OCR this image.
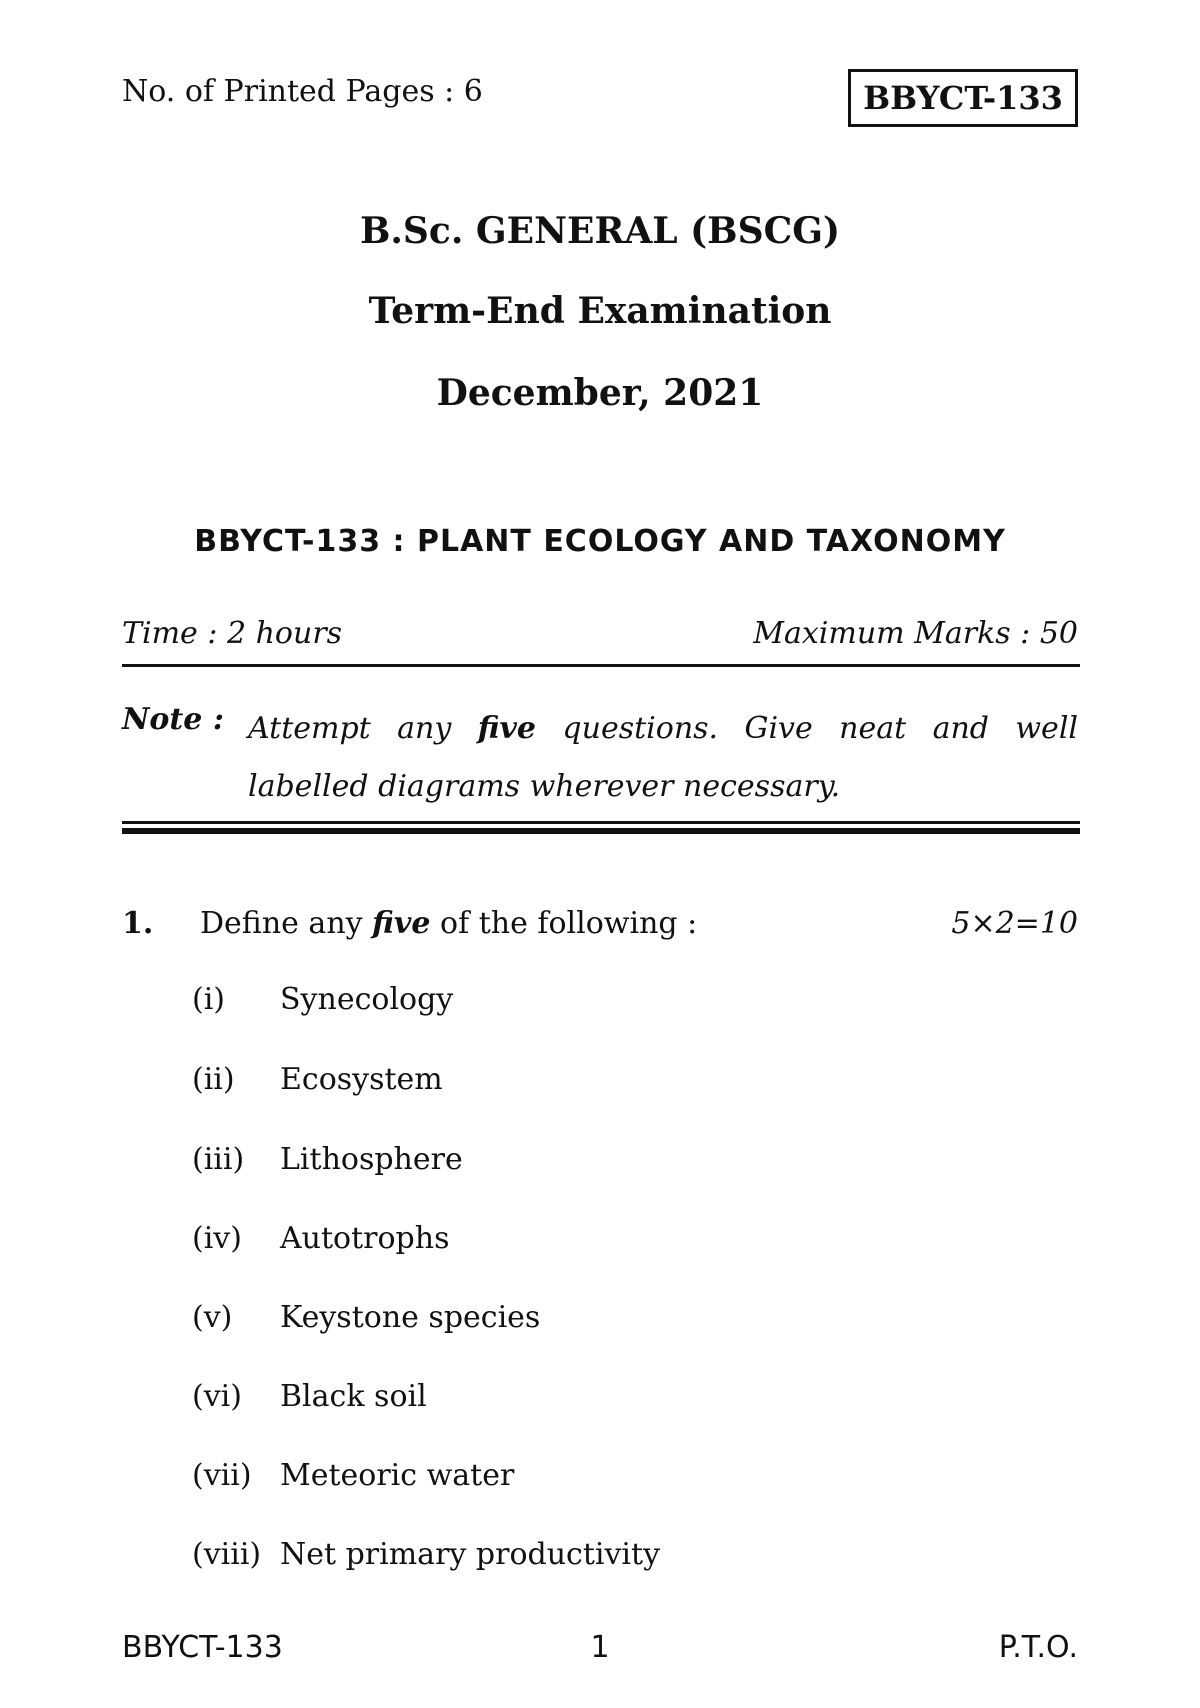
No. of Printed Pages : 6	BBYCT-133
B.Sc. GENERAL (BSCG)
Term-End Examination
December, 2021
BBYCT-133 : PLANT ECOLOGY AND TAXONOMY
Time : 2 hours	Maximum Marks : 50
Note : Attempt any five questions. Give neat and well labelled diagrams wherever necessary.
1. Define any five of the following :	5×2=10
(i)	Synecology
(ii)	Ecosystem
(iii)	Lithosphere
(iv)	Autotrophs
(v)	Keystone species
(vi)	Black soil
(vii) Meteoric water
(viii) Net primary productivity
BBYCT-133	1	P.T.O.
